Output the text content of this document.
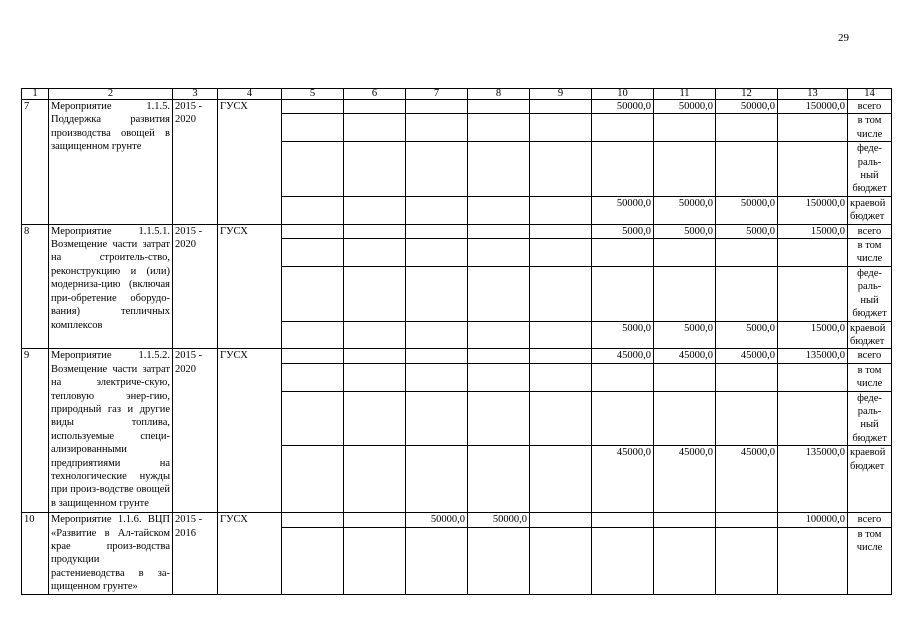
29
1	2	3	4	5	6	7	8	9	10	11	12	13	14
7	Мероприятие 1.1.5. Поддержка развития производства овощей в защищенном грунте	2015 - 2020	ГУСХ						50000,0	50000,0	50000,0	150000,0	всего
													в том числе
													феде-раль-ный бюджет
									50000,0	50000,0	50000,0	150000,0	краевой бюджет
8	Мероприятие 1.1.5.1. Возмещение части затрат на строитель-ство, реконструкцию и (или) модерниза-цию (включая при-обретение оборудо-вания) тепличных комплексов	2015 - 2020	ГУСХ						5000,0	5000,0	5000,0	15000,0	всего
													в том числе
													феде-раль-ный бюджет
									5000,0	5000,0	5000,0	15000,0	краевой бюджет
9	Мероприятие 1.1.5.2. Возмещение части затрат на электриче-скую, тепловую энер-гию, природный газ и другие виды топлива, используемые специ-ализированными предприятиями на технологические нужды при произ-водстве овощей в защищенном грунте	2015 - 2020	ГУСХ						45000,0	45000,0	45000,0	135000,0	всего
													в том числе
													феде-раль-ный бюджет
									45000,0	45000,0	45000,0	135000,0	краевой бюджет
10	Мероприятие 1.1.6. ВЦП «Развитие в Ал-тайском крае произ-водства продукции растениеводства в за-щищенном грунте»	2015 - 2016	ГУСХ			50000,0	50000,0					100000,0	всего
													в том числе
